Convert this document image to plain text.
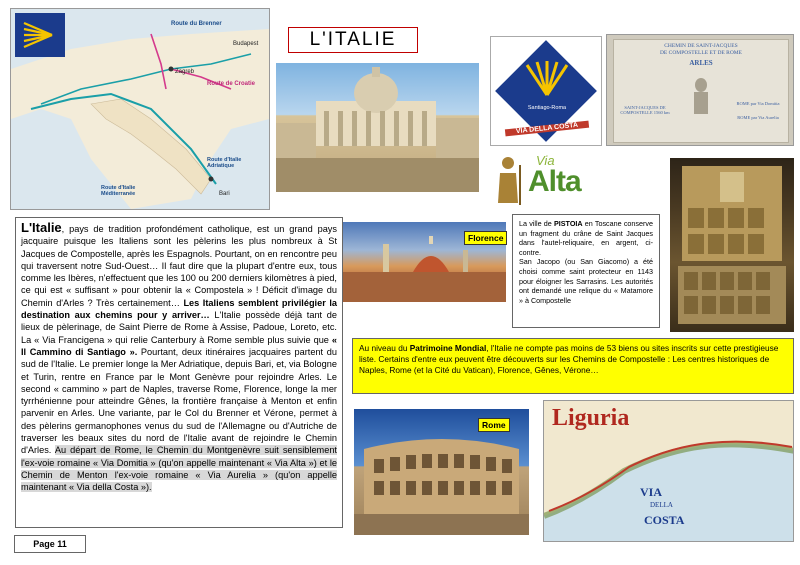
Route du Brenner
Budapest
Zagreb
Route de Croatie
Route d'Italie Adriatique
Route d'Italie Méditerranée	Bari
L'ITALIE
Santiago-Roma
VIA DELLA COSTA
CHEMIN DE SAINT-JACQUES
DE COMPOSTELLE ET DE ROME
ARLES
SAINT-JACQUES DE COMPOSTELLE 1560 km
ROME par Via Domitia
ROME par Via Aurelia
Via
Alta
Florence
L'Italie, pays de tradition profondément catholique, est un grand pays jacquaire puisque les Italiens sont les pèlerins les plus nombreux à St Jacques de Compostelle, après les Espagnols. Pourtant, on en rencontre peu qui traversent notre Sud-Ouest… Il faut dire que la plupart d'entre eux, tous comme les Ibères, n'effectuent que les 100 ou 200 derniers kilomètres à pied, ce qui est « suffisant » pour obtenir la « Compostela » ! Déficit d'image du Chemin d'Arles ? Très certainement… Les Italiens semblent privilégier la destination aux chemins pour y arriver… L'Italie possède déjà tant de lieux de pèlerinage, de Saint Pierre de Rome à Assise, Padoue, Loreto, etc. La « Via Francigena » qui relie Canterbury à Rome semble plus suivie que « Il Cammino di Santiago ». Pourtant, deux itinéraires jacquaires partent du sud de l'Italie. Le premier longe la Mer Adriatique, depuis Bari, et, via Bologne et Turin, rentre en France par le Mont Genèvre pour rejoindre Arles. Le second « cammino » part de Naples, traverse Rome, Florence, longe la mer tyrrhénienne pour atteindre Gênes, la frontière française à Menton et enfin parvenir en Arles. Une variante, par le Col du Brenner et Vérone, permet à des pèlerins germanophones venus du sud de l'Allemagne ou d'Autriche de traverser les beaux sites du nord de l'Italie avant de rejoindre le Chemin d'Arles. Au départ de Rome, le Chemin du Montgenèvre suit sensiblement l'ex-voie romaine « Via Domitia » (qu'on appelle maintenant « Via Alta ») et le Chemin de Menton l'ex-voie romaine « Via Aurelia » (qu'on appelle maintenant « Via della Costa »).
La ville de PISTOIA en Toscane conserve un fragment du crâne de Saint Jacques dans l'autel-reliquaire, en argent, ci-contre.
San Jacopo (ou San Giacomo) a été choisi comme saint protecteur en 1143 pour éloigner les Sarrasins. Les autorités ont demandé une relique du « Matamore » à Compostelle
Au niveau du Patrimoine Mondial, l'Italie ne compte pas moins de 53 biens ou sites inscrits sur cette prestigieuse liste. Certains d'entre eux peuvent être découverts sur les Chemins de Compostelle : Les centres historiques de Naples, Rome (et la Cité du Vatican), Florence, Gênes, Vérone…
Rome Liguria
VIA
DELLA
COSTA
Page 11
